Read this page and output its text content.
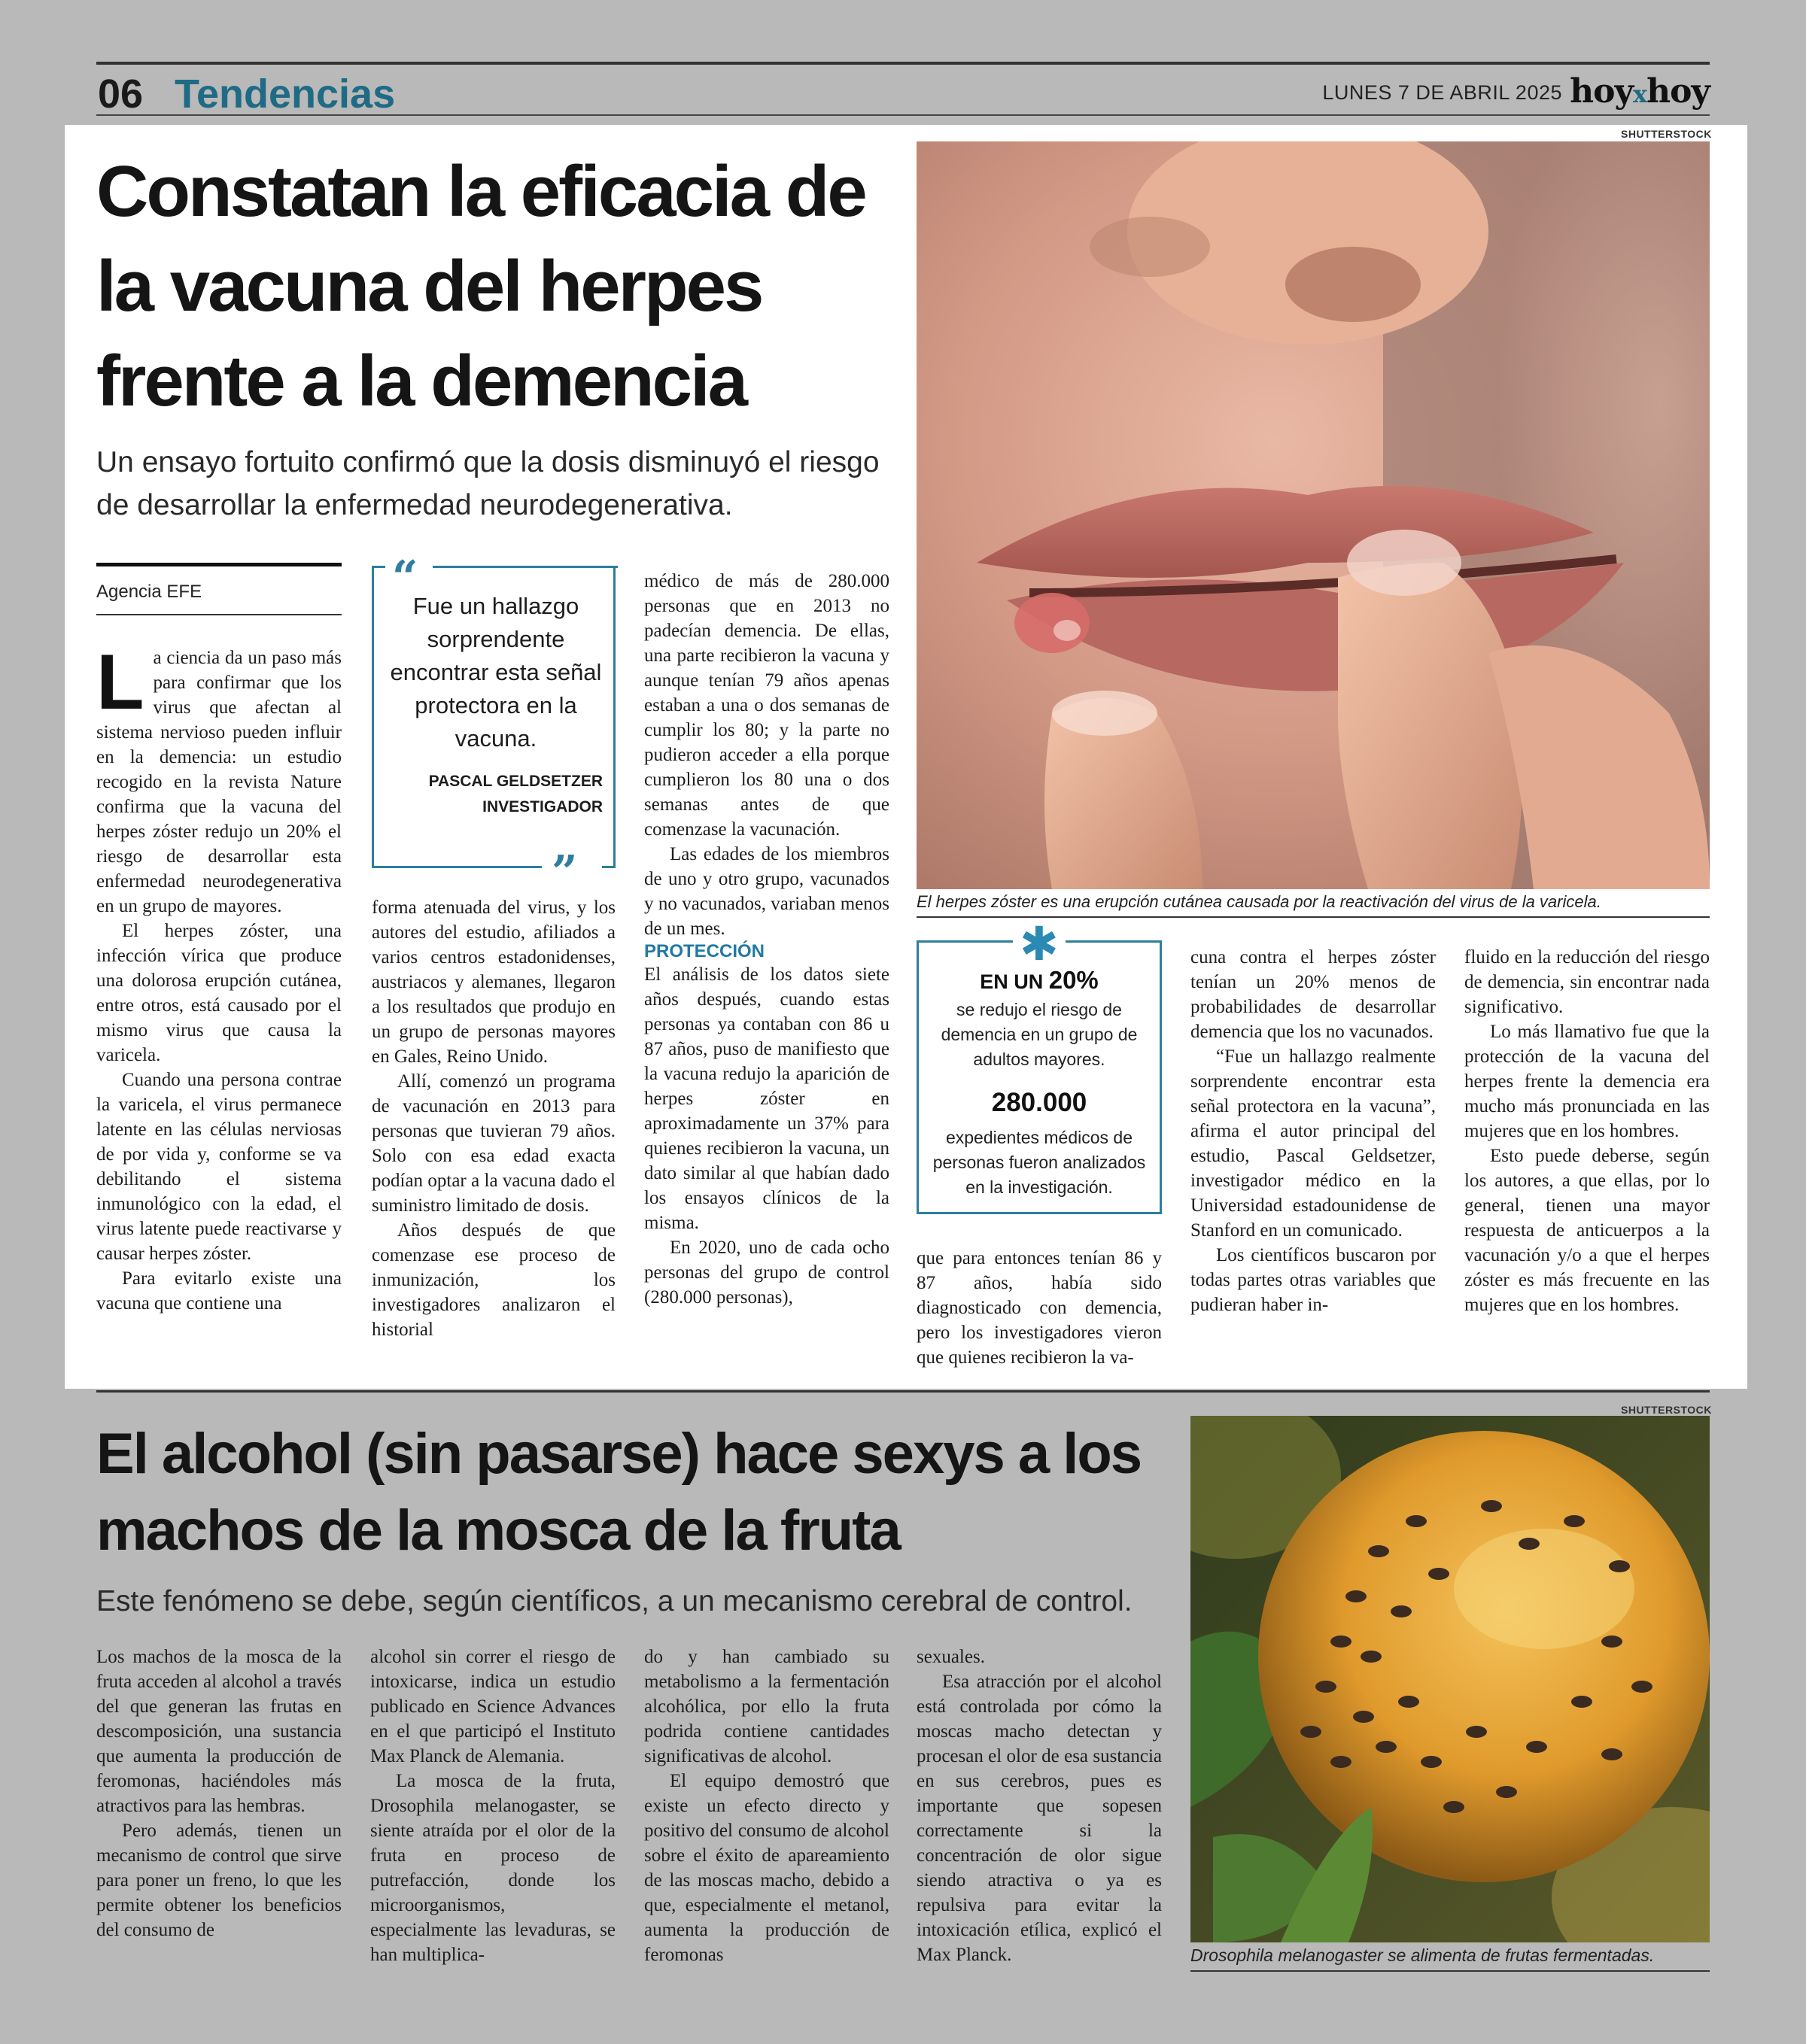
06 Tendencias	LUNES 7 DE ABRIL 2025 hoyxhoy
Constatan la eficacia de la vacuna del herpes frente a la demencia

Un ensayo fortuito confirmó que la dosis disminuyó el riesgo de desarrollar la enfermedad neurodegenerativa.

SHUTTERSTOCK

El herpes zóster es una erupción cutánea causada por la reactivación del virus de la varicela.

Agencia EFE

La ciencia da un paso más para confirmar que los virus que afectan al sistema nervioso pueden influir en la demencia: un estudio recogido en la revista Nature confirma que la vacuna del herpes zóster redujo un 20% el riesgo de desarrollar esta enfermedad neurodegenerativa en un grupo de mayores.

El herpes zóster, una infección vírica que produce una dolorosa erupción cutánea, entre otros, está causado por el mismo virus que causa la varicela.

Cuando una persona contrae la varicela, el virus permanece latente en las células nerviosas de por vida y, conforme se va debilitando el sistema inmunológico con la edad, el virus latente puede reactivarse y causar herpes zóster.

Para evitarlo existe una vacuna que contiene una

“
”

Fue un hallazgo sorprendente encontrar esta señal protectora en la vacuna.

PASCAL GELDSETZER
INVESTIGADOR

forma atenuada del virus, y los autores del estudio, afiliados a varios centros estadonidenses, austriacos y alemanes, llegaron a los resultados que produjo en un grupo de personas mayores en Gales, Reino Unido.

Allí, comenzó un programa de vacunación en 2013 para personas que tuvieran 79 años. Solo con esa edad exacta podían optar a la vacuna dado el suministro limitado de dosis.

Años después de que comenzase ese proceso de inmunización, los investigadores analizaron el historial

médico de más de 280.000 personas que en 2013 no padecían demencia. De ellas, una parte recibieron la vacuna y aunque tenían 79 años apenas estaban a una o dos semanas de cumplir los 80; y la parte no pudieron acceder a ella porque cumplieron los 80 una o dos semanas antes de que comenzase la vacunación.

Las edades de los miembros de uno y otro grupo, vacunados y no vacunados, variaban menos de un mes.

PROTECCIÓN

El análisis de los datos siete años después, cuando estas personas ya contaban con 86 u 87 años, puso de manifiesto que la vacuna redujo la aparición de herpes zóster en aproximadamente un 37% para quienes recibieron la vacuna, un dato similar al que habían dado los ensayos clínicos de la misma.

En 2020, uno de cada ocho personas del grupo de control (280.000 personas),

✱
EN UN 20%

se redujo el riesgo de demencia en un grupo de adultos mayores.

280.000

expedientes médicos de personas fueron analizados en la investigación.

que para entonces tenían 86 y 87 años, había sido diagnosticado con demencia, pero los investigadores vieron que quienes recibieron la va-

cuna contra el herpes zóster tenían un 20% menos de probabilidades de desarrollar demencia que los no vacunados.

“Fue un hallazgo realmente sorprendente encontrar esta señal protectora en la vacuna”, afirma el autor principal del estudio, Pascal Geldsetzer, investigador médico en la Universidad estadounidense de Stanford en un comunicado.

Los científicos buscaron por todas partes otras variables que pudieran haber in-

fluido en la reducción del riesgo de demencia, sin encontrar nada significativo.

Lo más llamativo fue que la protección de la vacuna del herpes frente la demencia era mucho más pronunciada en las mujeres que en los hombres.

Esto puede deberse, según los autores, a que ellas, por lo general, tienen una mayor respuesta de anticuerpos a la vacunación y/o a que el herpes zóster es más frecuente en las mujeres que en los hombres.

El alcohol (sin pasarse) hace sexys a los machos de la mosca de la fruta

Este fenómeno se debe, según científicos, a un mecanismo cerebral de control.

SHUTTERSTOCK

Drosophila melanogaster se alimenta de frutas fermentadas.

Los machos de la mosca de la fruta acceden al alcohol a través del que generan las frutas en descomposición, una sustancia que aumenta la producción de feromonas, haciéndoles más atractivos para las hembras.

Pero además, tienen un mecanismo de control que sirve para poner un freno, lo que les permite obtener los beneficios del consumo de

alcohol sin correr el riesgo de intoxicarse, indica un estudio publicado en Science Advances en el que participó el Instituto Max Planck de Alemania.

La mosca de la fruta, Drosophila melanogaster, se siente atraída por el olor de la fruta en proceso de putrefacción, donde los microorganismos, especialmente las levaduras, se han multiplica-

do y han cambiado su metabolismo a la fermentación alcohólica, por ello la fruta podrida contiene cantidades significativas de alcohol.

El equipo demostró que existe un efecto directo y positivo del consumo de alcohol sobre el éxito de apareamiento de las moscas macho, debido a que, especialmente el metanol, aumenta la producción de feromonas

sexuales.

Esa atracción por el alcohol está controlada por cómo la moscas macho detectan y procesan el olor de esa sustancia en sus cerebros, pues es importante que sopesen correctamente si la concentración de olor sigue siendo atractiva o ya es repulsiva para evitar la intoxicación etílica, explicó el Max Planck.
